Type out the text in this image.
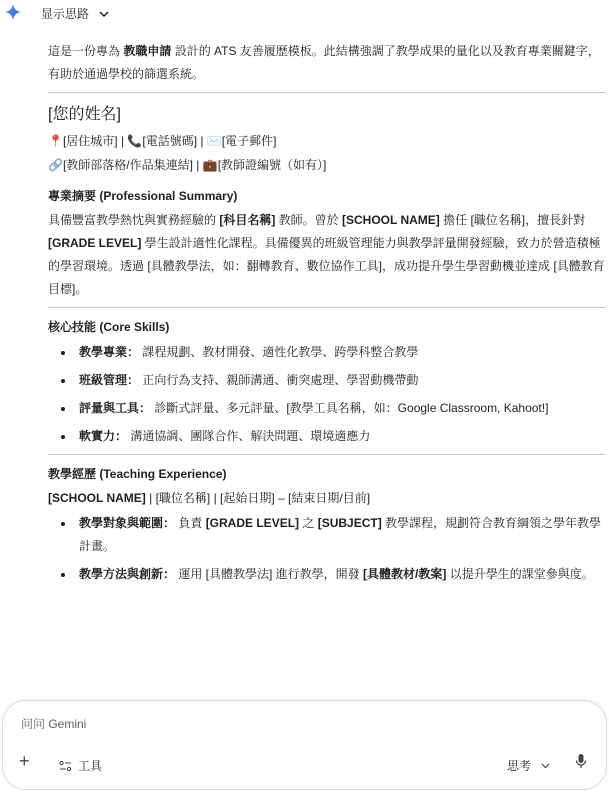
显示思路

這是一份專為 教職申請 設計的 ATS 友善履歷模板。此結構強調了教學成果的量化以及教育專業關鍵字，有助於通過學校的篩選系統。

[您的姓名]
📍[居住城市] | 📞[電話號碼] | ✉️[電子郵件]
🔗[教師部落格/作品集連結] | 💼[教師證編號（如有）]
專業摘要 (Professional Summary)

具備豐富教學熱忱與實務經驗的 [科目名稱] 教師。曾於 [SCHOOL NAME] 擔任 [職位名稱]，擅長針對 [GRADE LEVEL] 學生設計適性化課程。具備優異的班級管理能力與教學評量開發經驗，致力於營造積極的學習環境。透過 [具體教學法，如：翻轉教育、數位協作工具]，成功提升學生學習動機並達成 [具體教育目標]。

核心技能 (Core Skills)
教學專業： 課程規劃、教材開發、適性化教學、跨學科整合教學
班級管理： 正向行為支持、親師溝通、衝突處理、學習動機帶動
評量與工具： 診斷式評量、多元評量、[教學工具名稱，如：Google Classroom, Kahoot!]
軟實力： 溝通協調、團隊合作、解決問題、環境適應力
教學經歷 (Teaching Experience)

[SCHOOL NAME] | [職位名稱] | [起始日期] – [結束日期/目前]

教學對象與範圍： 負責 [GRADE LEVEL] 之 [SUBJECT] 教學課程，規劃符合教育綱領之學年教學計畫。
教學方法與創新： 運用 [具體教學法] 進行教學，開發 [具體教材/教案] 以提升學生的課堂參與度。
问问 Gemini
+	工具	思考
